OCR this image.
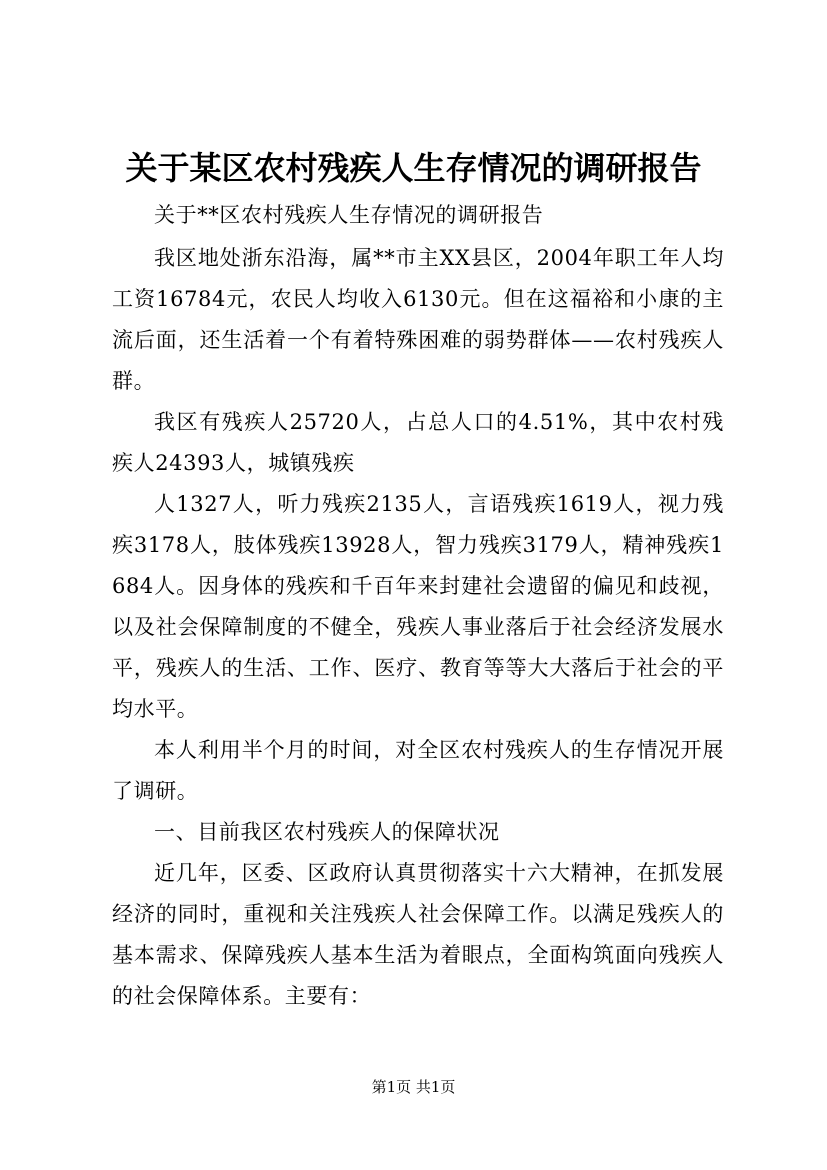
关于某区农村残疾人生存情况的调研报告

关于**区农村残疾人生存情况的调研报告

我区地处浙东沿海，属**市主XX县区，2004年职工年人均工资16784元，农民人均收入6130元。但在这福裕和小康的主流后面，还生活着一个有着特殊困难的弱势群体——农村残疾人群。

我区有残疾人25720人，占总人口的4.51%，其中农村残疾人24393人，城镇残疾

人1327人，听力残疾2135人，言语残疾1619人，视力残疾3178人，肢体残疾13928人，智力残疾3179人，精神残疾1684人。因身体的残疾和千百年来封建社会遗留的偏见和歧视，以及社会保障制度的不健全，残疾人事业落后于社会经济发展水平，残疾人的生活、工作、医疗、教育等等大大落后于社会的平均水平。

本人利用半个月的时间，对全区农村残疾人的生存情况开展了调研。

一、目前我区农村残疾人的保障状况

近几年，区委、区政府认真贯彻落实十六大精神，在抓发展经济的同时，重视和关注残疾人社会保障工作。以满足残疾人的基本需求、保障残疾人基本生活为着眼点，全面构筑面向残疾人的社会保障体系。主要有：

第1页 共1页
